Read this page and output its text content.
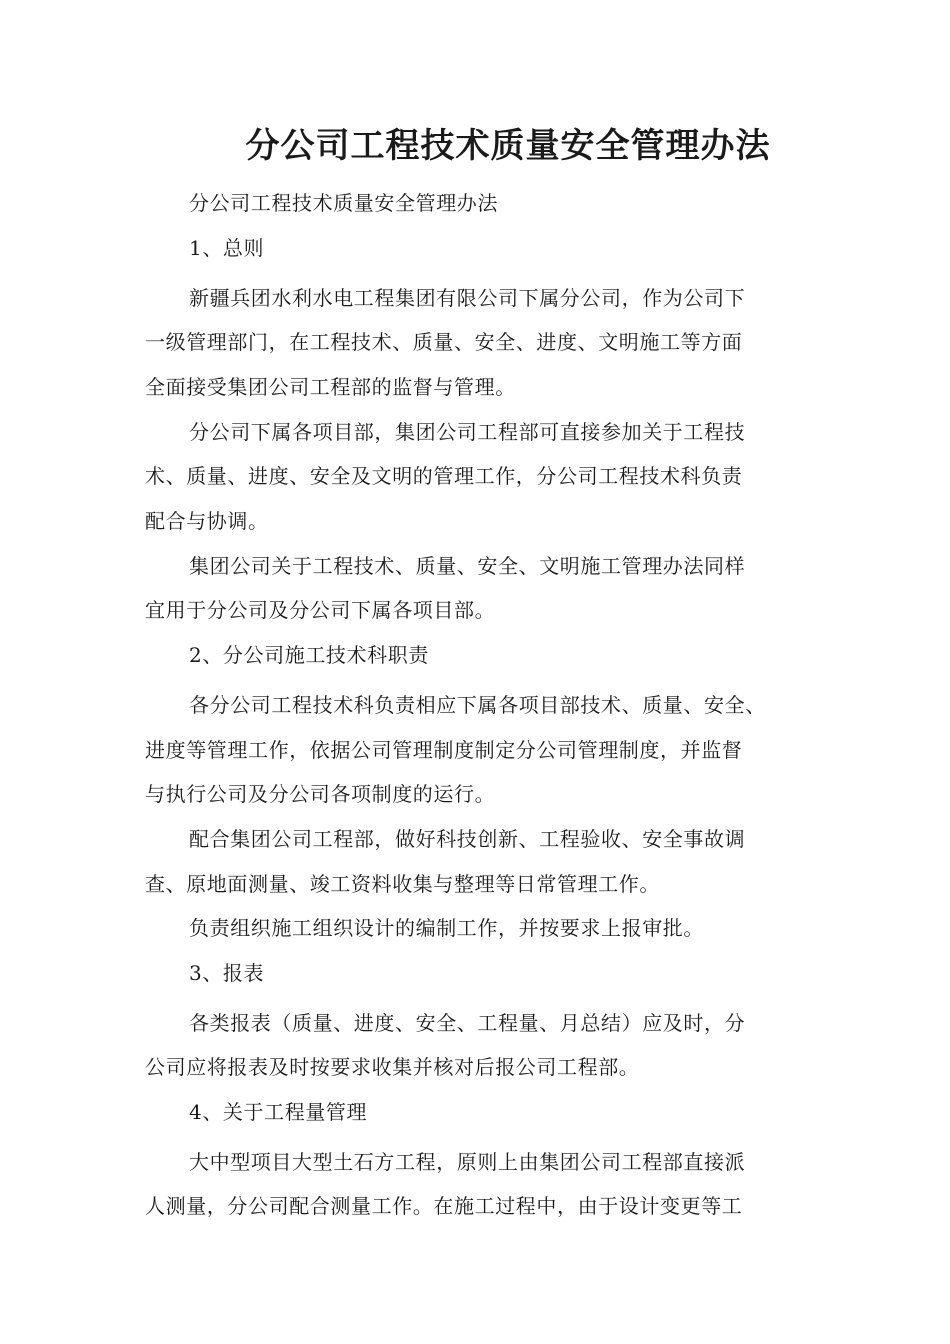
分公司工程技术质量安全管理办法
分公司工程技术质量安全管理办法
1、总则
新疆兵团水利水电工程集团有限公司下属分公司，作为公司下
一级管理部门，在工程技术、质量、安全、进度、文明施工等方面
全面接受集团公司工程部的监督与管理。
分公司下属各项目部，集团公司工程部可直接参加关于工程技
术、质量、进度、安全及文明的管理工作，分公司工程技术科负责
配合与协调。
集团公司关于工程技术、质量、安全、文明施工管理办法同样
宜用于分公司及分公司下属各项目部。
2、分公司施工技术科职责
各分公司工程技术科负责相应下属各项目部技术、质量、安全、
进度等管理工作，依据公司管理制度制定分公司管理制度，并监督
与执行公司及分公司各项制度的运行。
配合集团公司工程部，做好科技创新、工程验收、安全事故调
查、原地面测量、竣工资料收集与整理等日常管理工作。
负责组织施工组织设计的编制工作，并按要求上报审批。
3、报表
各类报表（质量、进度、安全、工程量、月总结）应及时，分
公司应将报表及时按要求收集并核对后报公司工程部。
4、关于工程量管理
大中型项目大型土石方工程，原则上由集团公司工程部直接派
人测量，分公司配合测量工作。在施工过程中，由于设计变更等工
